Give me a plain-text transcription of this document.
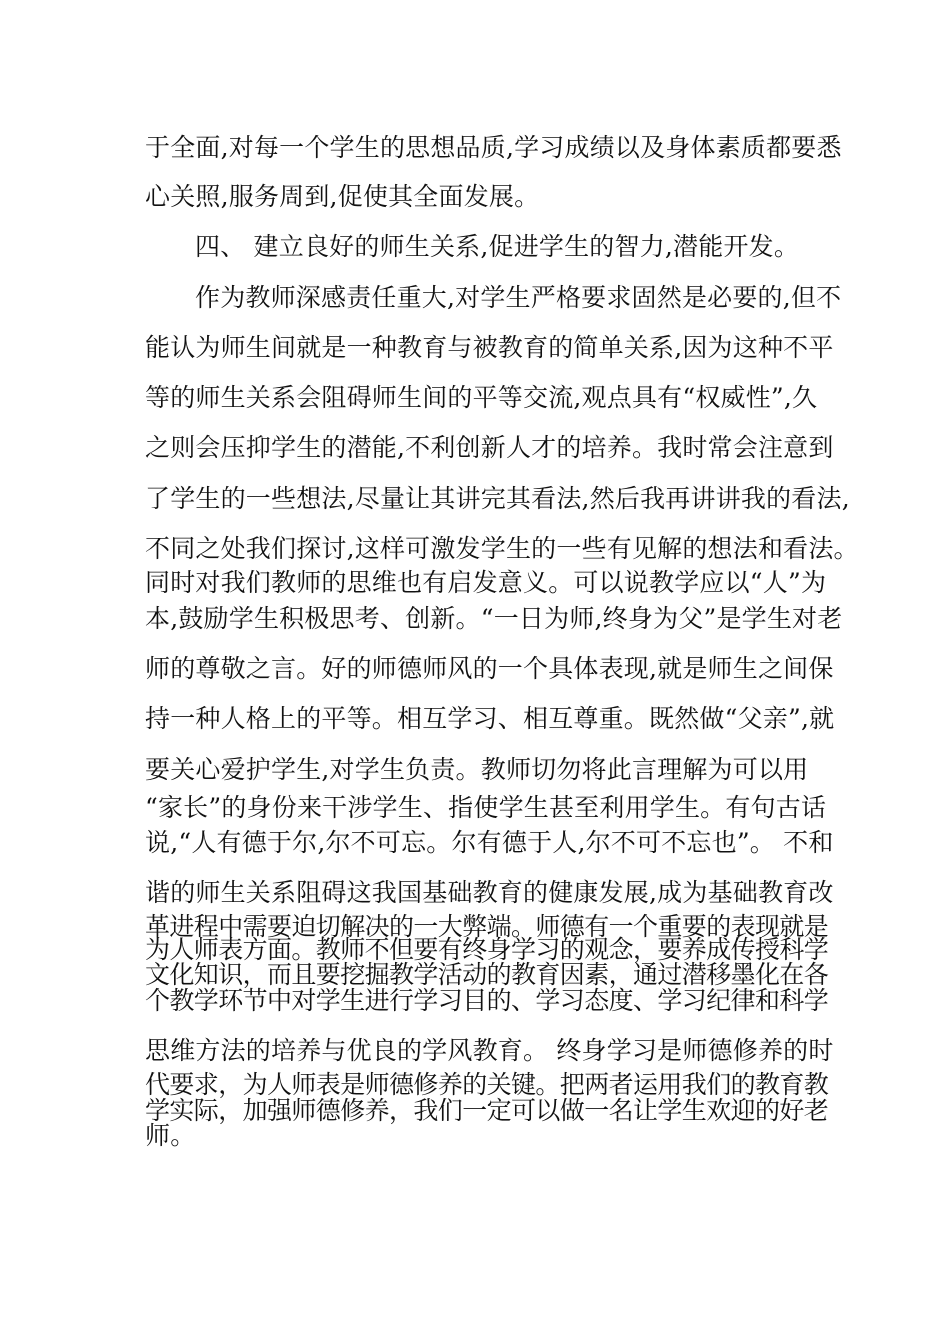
于全面,对每一个学生的思想品质,学习成绩以及身体素质都要悉
心关照,服务周到,促使其全面发展。
四、 建立良好的师生关系,促进学生的智力,潜能开发。
作为教师深感责任重大,对学生严格要求固然是必要的,但不
能认为师生间就是一种教育与被教育的简单关系,因为这种不平
等的师生关系会阻碍师生间的平等交流,观点具有“权威性”,久
之则会压抑学生的潜能,不利创新人才的培养。我时常会注意到
了学生的一些想法,尽量让其讲完其看法,然后我再讲讲我的看法,
不同之处我们探讨,这样可激发学生的一些有见解的想法和看法。
同时对我们教师的思维也有启发意义。可以说教学应以“人”为
本,鼓励学生积极思考、创新。“一日为师,终身为父”是学生对老
师的尊敬之言。好的师德师风的一个具体表现,就是师生之间保
持一种人格上的平等。相互学习、相互尊重。既然做“父亲”,就
要关心爱护学生,对学生负责。教师切勿将此言理解为可以用
“家长”的身份来干涉学生、指使学生甚至利用学生。有句古话
说,“人有德于尔,尔不可忘。尔有德于人,尔不可不忘也”。 不和
谐的师生关系阻碍这我国基础教育的健康发展,成为基础教育改
革进程中需要迫切解决的一大弊端。师德有一个重要的表现就是
为人师表方面。教师不但要有终身学习的观念，要养成传授科学
文化知识，而且要挖掘教学活动的教育因素，通过潜移墨化在各
个教学环节中对学生进行学习目的、学习态度、学习纪律和科学
思维方法的培养与优良的学风教育。 终身学习是师德修养的时
代要求，为人师表是师德修养的关键。把两者运用我们的教育教
学实际，加强师德修养，我们一定可以做一名让学生欢迎的好老
师。
